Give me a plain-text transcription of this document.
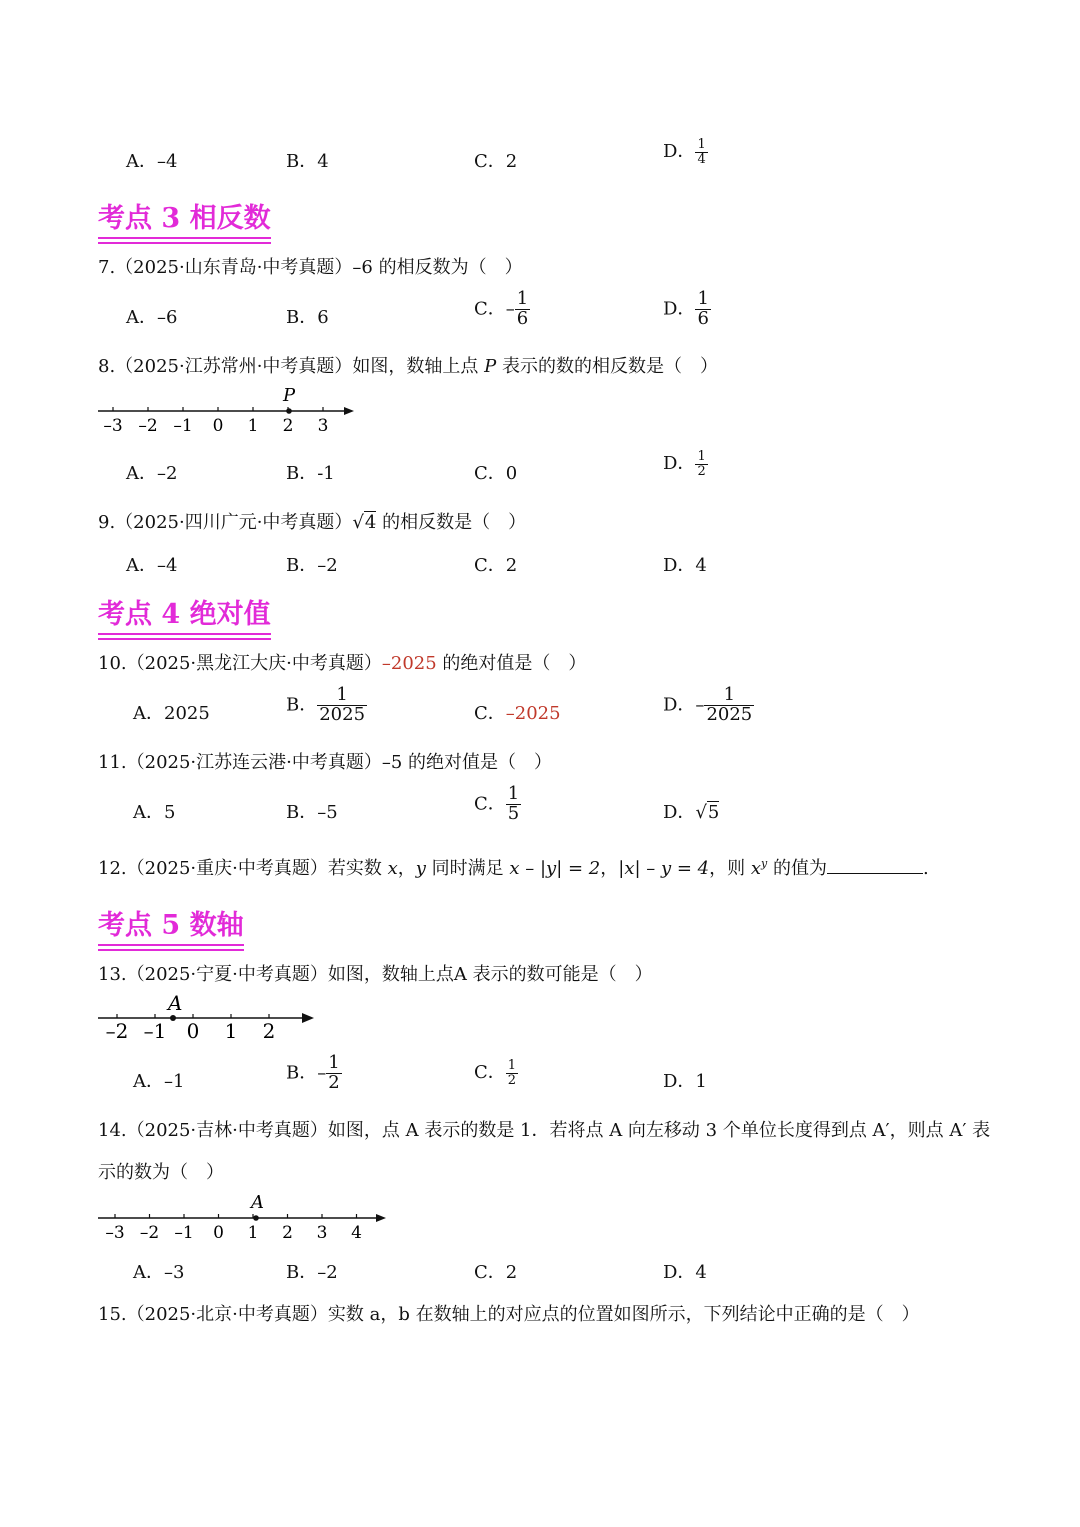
A．–4	B．4	C．2	D． $\frac{1}{4}$
考点 3 相反数
7.（2025·山东青岛·中考真题）–6 的相反数为（　）
A．–6	B．6	C．– $\frac{1}{6}$	D． $\frac{1}{6}$
8.（2025·江苏常州·中考真题）如图，数轴上点 P 表示的数的相反数是（　）
–3 –2 –1 0 1 2 3
P
A．–2	B．-1	C．0	D． $\frac{1}{2}$
9.（2025·四川广元·中考真题）√4 的相反数是（　）
A．–4	B．–2	C．2	D．4
考点 4 绝对值
10.（2025·黑龙江大庆·中考真题）–2025 的绝对值是（　）
A．2025	B． $\frac{1}{2025}$	C．–2025	D．– $\frac{1}{2025}$
11.（2025·江苏连云港·中考真题）–5 的绝对值是（　）
A．5	B．–5	C． $\frac{1}{5}$	D．√5
12.（2025·重庆·中考真题）若实数 x，y 同时满足 x – |y| = 2，|x| – y = 4，则 $x^y$ 的值为	.
考点 5 数轴
13.（2025·宁夏·中考真题）如图，数轴上点A 表示的数可能是（　）
–2 –1 0 1 2
A
A．–1	B．– $\frac{1}{2}$	C． $\frac{1}{2}$	D．1
14.（2025·吉林·中考真题）如图，点 A 表示的数是 1．若将点 A 向左移动 3 个单位长度得到点 A′，则点 A′ 表
示的数为（　）
–3 –2 –1 0 1 2 3 4
A
A．–3	B．–2	C．2	D．4
15.（2025·北京·中考真题）实数 a，b 在数轴上的对应点的位置如图所示，下列结论中正确的是（　）
